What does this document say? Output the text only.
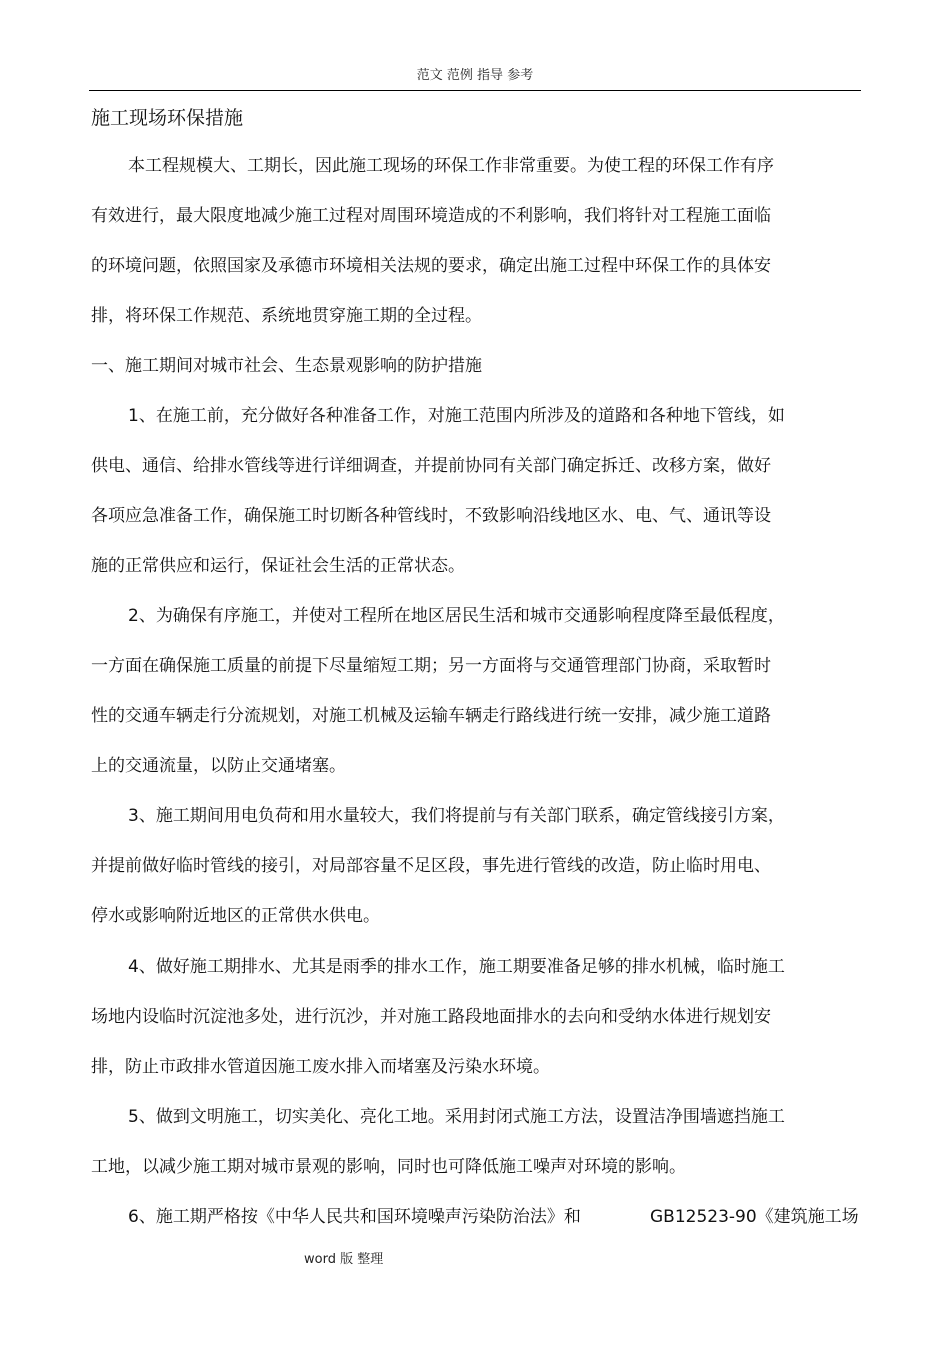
范文 范例 指导 参考
施工现场环保措施
本工程规模大、工期长，因此施工现场的环保工作非常重要。为使工程的环保工作有序
有效进行，最大限度地减少施工过程对周围环境造成的不利影响，我们将针对工程施工面临
的环境问题，依照国家及承德市环境相关法规的要求，确定出施工过程中环保工作的具体安
排，将环保工作规范、系统地贯穿施工期的全过程。
一、施工期间对城市社会、生态景观影响的防护措施
1、在施工前，充分做好各种准备工作，对施工范围内所涉及的道路和各种地下管线，如
供电、通信、给排水管线等进行详细调查，并提前协同有关部门确定拆迁、改移方案，做好
各项应急准备工作，确保施工时切断各种管线时，不致影响沿线地区水、电、气、通讯等设
施的正常供应和运行，保证社会生活的正常状态。
2、为确保有序施工，并使对工程所在地区居民生活和城市交通影响程度降至最低程度，
一方面在确保施工质量的前提下尽量缩短工期；另一方面将与交通管理部门协商，采取暂时
性的交通车辆走行分流规划，对施工机械及运输车辆走行路线进行统一安排，减少施工道路
上的交通流量，以防止交通堵塞。
3、施工期间用电负荷和用水量较大，我们将提前与有关部门联系，确定管线接引方案，
并提前做好临时管线的接引，对局部容量不足区段，事先进行管线的改造，防止临时用电、
停水或影响附近地区的正常供水供电。
4、做好施工期排水、尤其是雨季的排水工作，施工期要准备足够的排水机械，临时施工
场地内设临时沉淀池多处，进行沉沙，并对施工路段地面排水的去向和受纳水体进行规划安
排，防止市政排水管道因施工废水排入而堵塞及污染水环境。
5、做到文明施工，切实美化、亮化工地。采用封闭式施工方法，设置洁净围墙遮挡施工
工地，以减少施工期对城市景观的影响，同时也可降低施工噪声对环境的影响。
6、施工期严格按《中华人民共和国环境噪声污染防治法》和	GB12523-90《建筑施工场
word 版 整理
